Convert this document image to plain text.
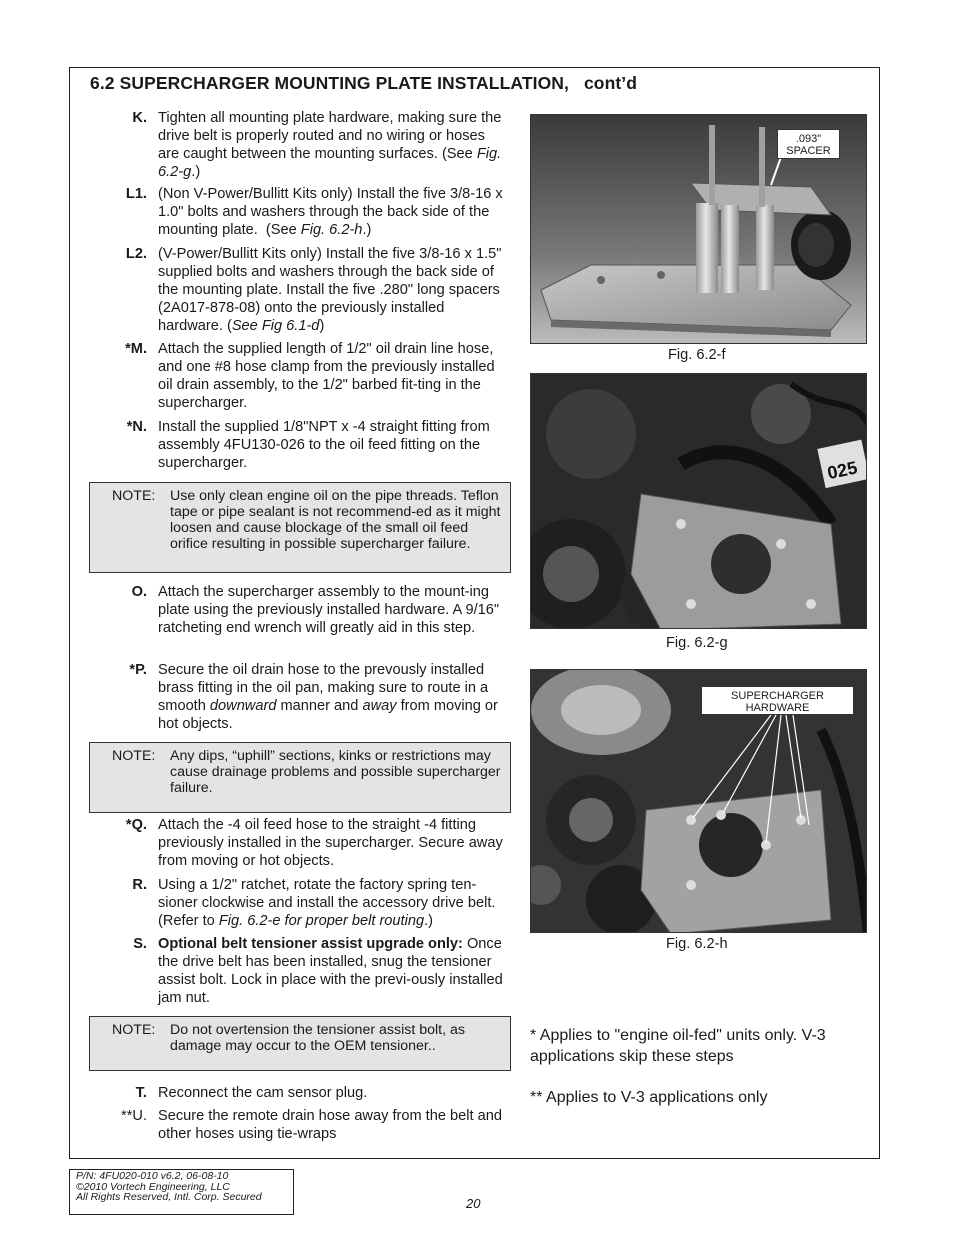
6.2 SUPERCHARGER MOUNTING PLATE INSTALLATION, cont’d
K. Tighten all mounting plate hardware, making sure the drive belt is properly routed and no wiring or hoses are caught between the mounting surfaces. (See Fig. 6.2-g.)
L1. (Non V-Power/Bullitt Kits only) Install the five 3/8-16 x 1.0" bolts and washers through the back side of the mounting plate.  (See Fig. 6.2-h.)
L2. (V-Power/Bullitt Kits only) Install the five 3/8-16 x 1.5" supplied bolts and washers through the back side of the mounting plate. Install the five .280" long spacers (2A017-878-08) onto the previously installed hardware. (See Fig 6.1-d)
*M. Attach the supplied length of 1/2" oil drain line hose, and one #8 hose clamp from the previously installed oil drain assembly, to the 1/2" barbed fit-ting in the supercharger.
*N. Install the supplied 1/8"NPT x -4 straight fitting from assembly 4FU130-026 to the oil feed fitting on the supercharger.
NOTE:	Use only clean engine oil on the pipe threads. Teflon tape or pipe sealant is not recommend-ed as it might loosen and cause blockage of the small oil feed orifice resulting in possible supercharger failure.
O. Attach the supercharger assembly to the mount-ing plate using the previously installed hardware. A 9/16" ratcheting end wrench will greatly aid in this step.
*P. Secure the oil drain hose to the prevously installed brass fitting in the oil pan, making sure to route in a smooth downward manner and away from moving or hot objects.
NOTE:	Any dips, “uphill” sections, kinks or restrictions may cause drainage problems and possible supercharger failure.
*Q. Attach the -4 oil feed hose to the straight -4 fitting previously installed in the supercharger. Secure away from moving or hot objects.
R. Using a 1/2" ratchet, rotate the factory spring ten-sioner clockwise and install the accessory drive belt.  (Refer to Fig. 6.2-e for proper belt routing.)
S. Optional belt tensioner assist upgrade only: Once the drive belt has been installed, snug the tensioner assist bolt. Lock in place with the previ-ously installed jam nut.
NOTE:	Do not overtension the tensioner assist bolt, as damage may occur to the OEM tensioner..
T. Reconnect the cam sensor plug.
**U. Secure the remote drain hose away from the belt and other hoses using tie-wraps
.093"
SPACER
Fig. 6.2-f
025
Fig. 6.2-g
SUPERCHARGER
HARDWARE
Fig. 6.2-h
* Applies to "engine oil-fed" units only. V-3 applications skip these steps
** Applies to V-3 applications only
P/N: 4FU020-010 v6.2, 06-08-10
©2010 Vortech Engineering, LLC
All Rights Reserved, Intl. Corp. Secured	20
